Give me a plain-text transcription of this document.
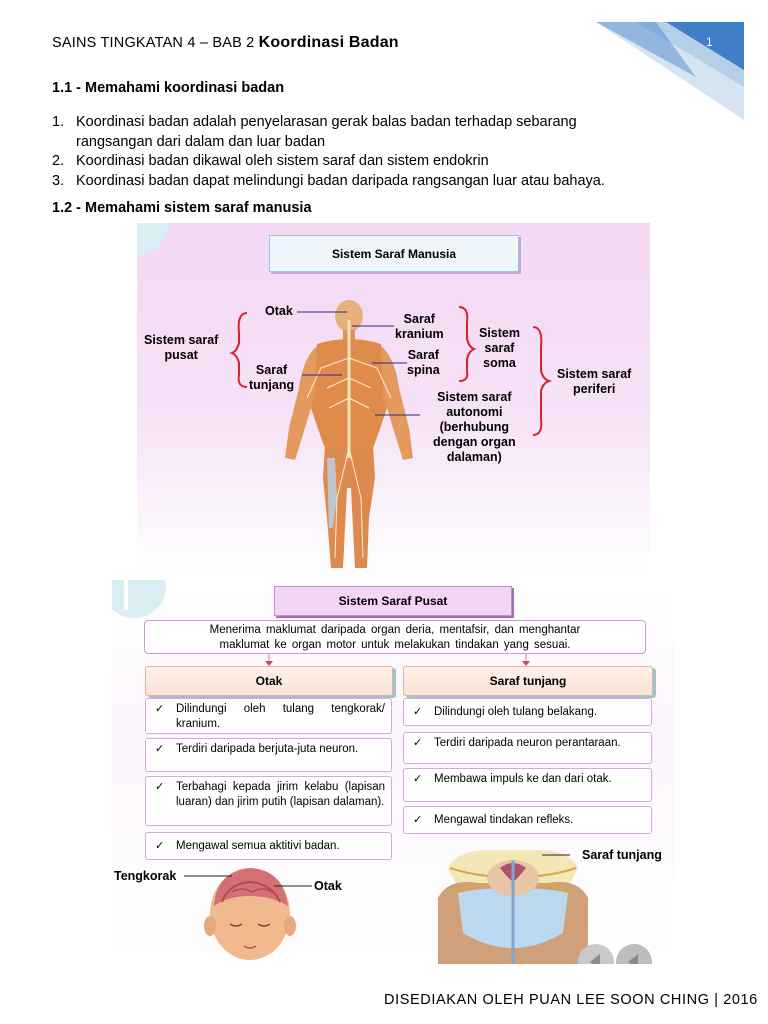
1
SAINS TINGKATAN 4 – BAB 2 Koordinasi Badan
1.1 - Memahami koordinasi badan
1. Koordinasi badan adalah penyelarasan gerak balas badan terhadap sebarang rangsangan dari dalam dan luar badan
2. Koordinasi badan dikawal oleh sistem saraf dan sistem endokrin
3. Koordinasi badan dapat melindungi badan daripada rangsangan luar atau bahaya.
1.2 - Memahami sistem saraf manusia
Sistem Saraf Manusia
Otak
Saraf
kranium
Sistem saraf
pusat	Saraf
spina
Saraf
tunjang
Sistem
saraf
soma
Sistem saraf
periferi
Sistem saraf
autonomi
(berhubung
dengan organ
dalaman)
Sistem Saraf Pusat
Menerima maklumat daripada organ deria, mentafsir, dan menghantar
maklumat ke organ motor untuk melakukan tindakan yang sesuai.
Otak	Saraf tunjang
✓ Dilindungi oleh tulang tengkorak/ kranium.
✓ Terdiri daripada berjuta-juta neuron.
✓ Terbahagi kepada jirim kelabu (lapisan luaran) dan jirim putih (lapisan dalaman).
✓ Mengawal semua aktitivi badan.
✓ Dilindungi oleh tulang belakang.
✓ Terdiri daripada neuron perantaraan.
✓ Membawa impuls ke dan dari otak.
✓ Mengawal tindakan refleks.
Tengkorak
Otak
Saraf tunjang
DISEDIAKAN OLEH PUAN LEE SOON CHING | 2016
